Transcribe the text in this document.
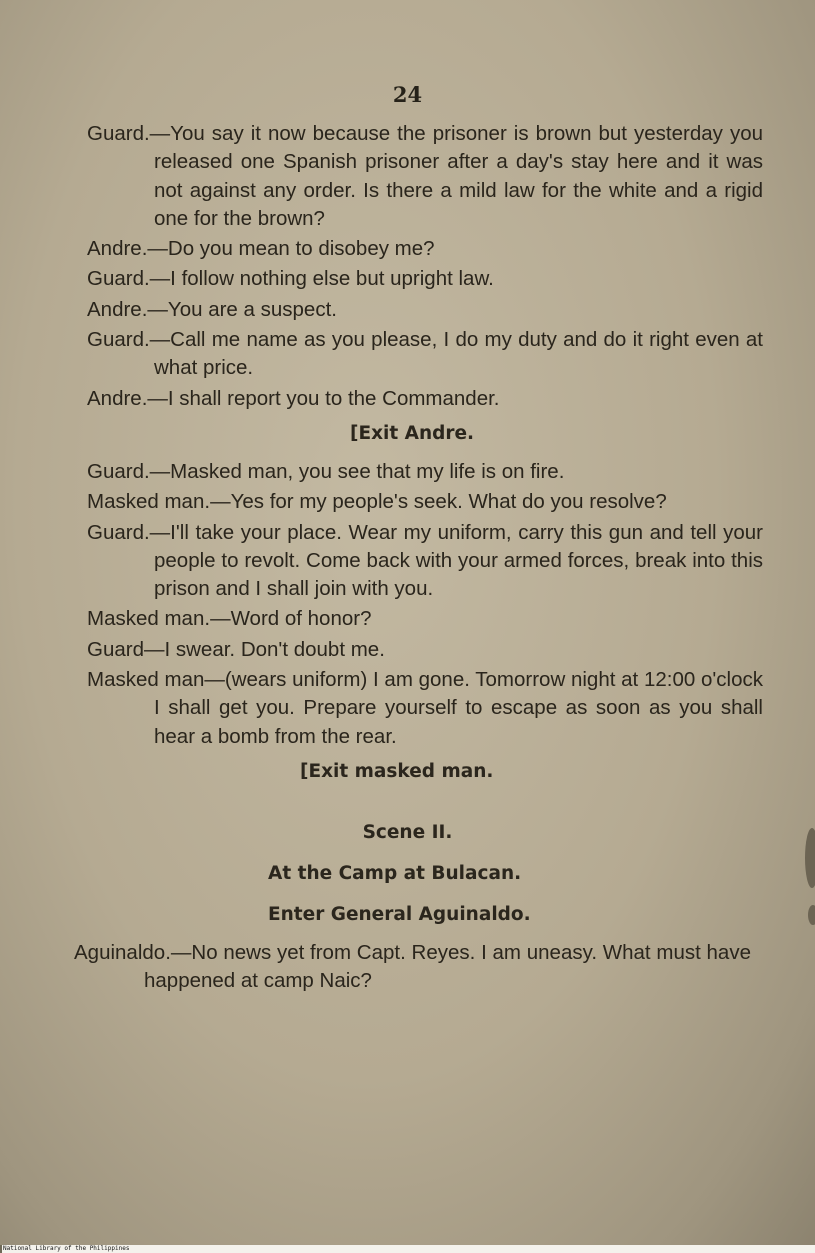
24

Guard.—You say it now because the prisoner is brown but yesterday you released one Spanish prisoner after a day's stay here and it was not against any order. Is there a mild law for the white and a rigid one for the brown?

Andre.—Do you mean to disobey me?

Guard.—I follow nothing else but upright law.

Andre.—You are a suspect.

Guard.—Call me name as you please, I do my duty and do it right even at what price.

Andre.—I shall report you to the Commander.

[Exit Andre.

Guard.—Masked man, you see that my life is on fire.

Masked man.—Yes for my people's seek. What do you resolve?

Guard.—I'll take your place. Wear my uniform, carry this gun and tell your people to revolt. Come back with your armed forces, break into this prison and I shall join with you.

Masked man.—Word of honor?

Guard—I swear. Don't doubt me.

Masked man—(wears uniform) I am gone. Tomorrow night at 12:00 o'clock I shall get you. Prepare yourself to escape as soon as you shall hear a bomb from the rear.

[Exit masked man.
Scene II.
At the Camp at Bulacan.
Enter General Aguinaldo.

Aguinaldo.—No news yet from Capt. Reyes. I am uneasy. What must have happened at camp Naic?

National Library of the Philippines
